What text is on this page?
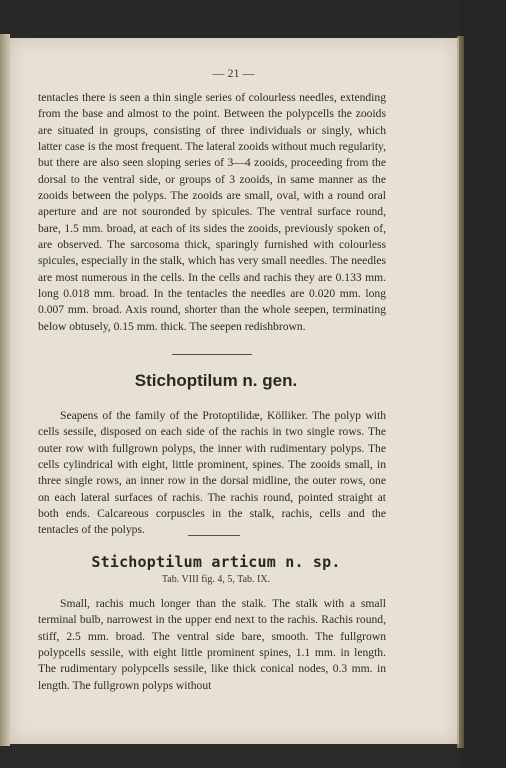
— 21 —

tentacles there is seen a thin single series of colourless needles, extending from the base and almost to the point. Between the polypcells the zooids are situated in groups, consisting of three individuals or singly, which latter case is the most frequent. The lateral zooids without much regularity, but there are also seen sloping series of 3—4 zooids, proceeding from the dorsal to the ventral side, or groups of 3 zooids, in same manner as the zooids between the polyps. The zooids are small, oval, with a round oral aperture and are not souronded by spicules. The ventral surface round, bare, 1.5 mm. broad, at each of its sides the zooids, previously spoken of, are observed. The sarcosoma thick, sparingly furnished with colourless spicules, especially in the stalk, which has very small needles. The needles are most numerous in the cells. In the cells and rachis they are 0.133 mm. long 0.018 mm. broad. In the tentacles the needles are 0.020 mm. long 0.007 mm. broad. Axis round, shorter than the whole seepen, terminating below obtusely, 0.15 mm. thick. The seepen redishbrown.

Stichoptilum n. gen.

Seapens of the family of the Protoptilidæ, Kölliker. The polyp with cells sessile, disposed on each side of the rachis in two single rows. The outer row with fullgrown polyps, the inner with rudimentary polyps. The cells cylindrical with eight, little prominent, spines. The zooids small, in three single rows, an inner row in the dorsal midline, the outer rows, one on each lateral surfaces of rachis. The rachis round, pointed straight at both ends. Calcareous corpuscles in the stalk, rachis, cells and the tentacles of the polyps.

Stichoptilum articum n. sp.
Tab. VIII fig. 4, 5, Tab. IX.

Small, rachis much longer than the stalk. The stalk with a small terminal bulb, narrowest in the upper end next to the rachis. Rachis round, stiff, 2.5 mm. broad. The ventral side bare, smooth. The fullgrown polypcells sessile, with eight little prominent spines, 1.1 mm. in length. The rudimentary polypcells sessile, like thick conical nodes, 0.3 mm. in length. The fullgrown polyps without
